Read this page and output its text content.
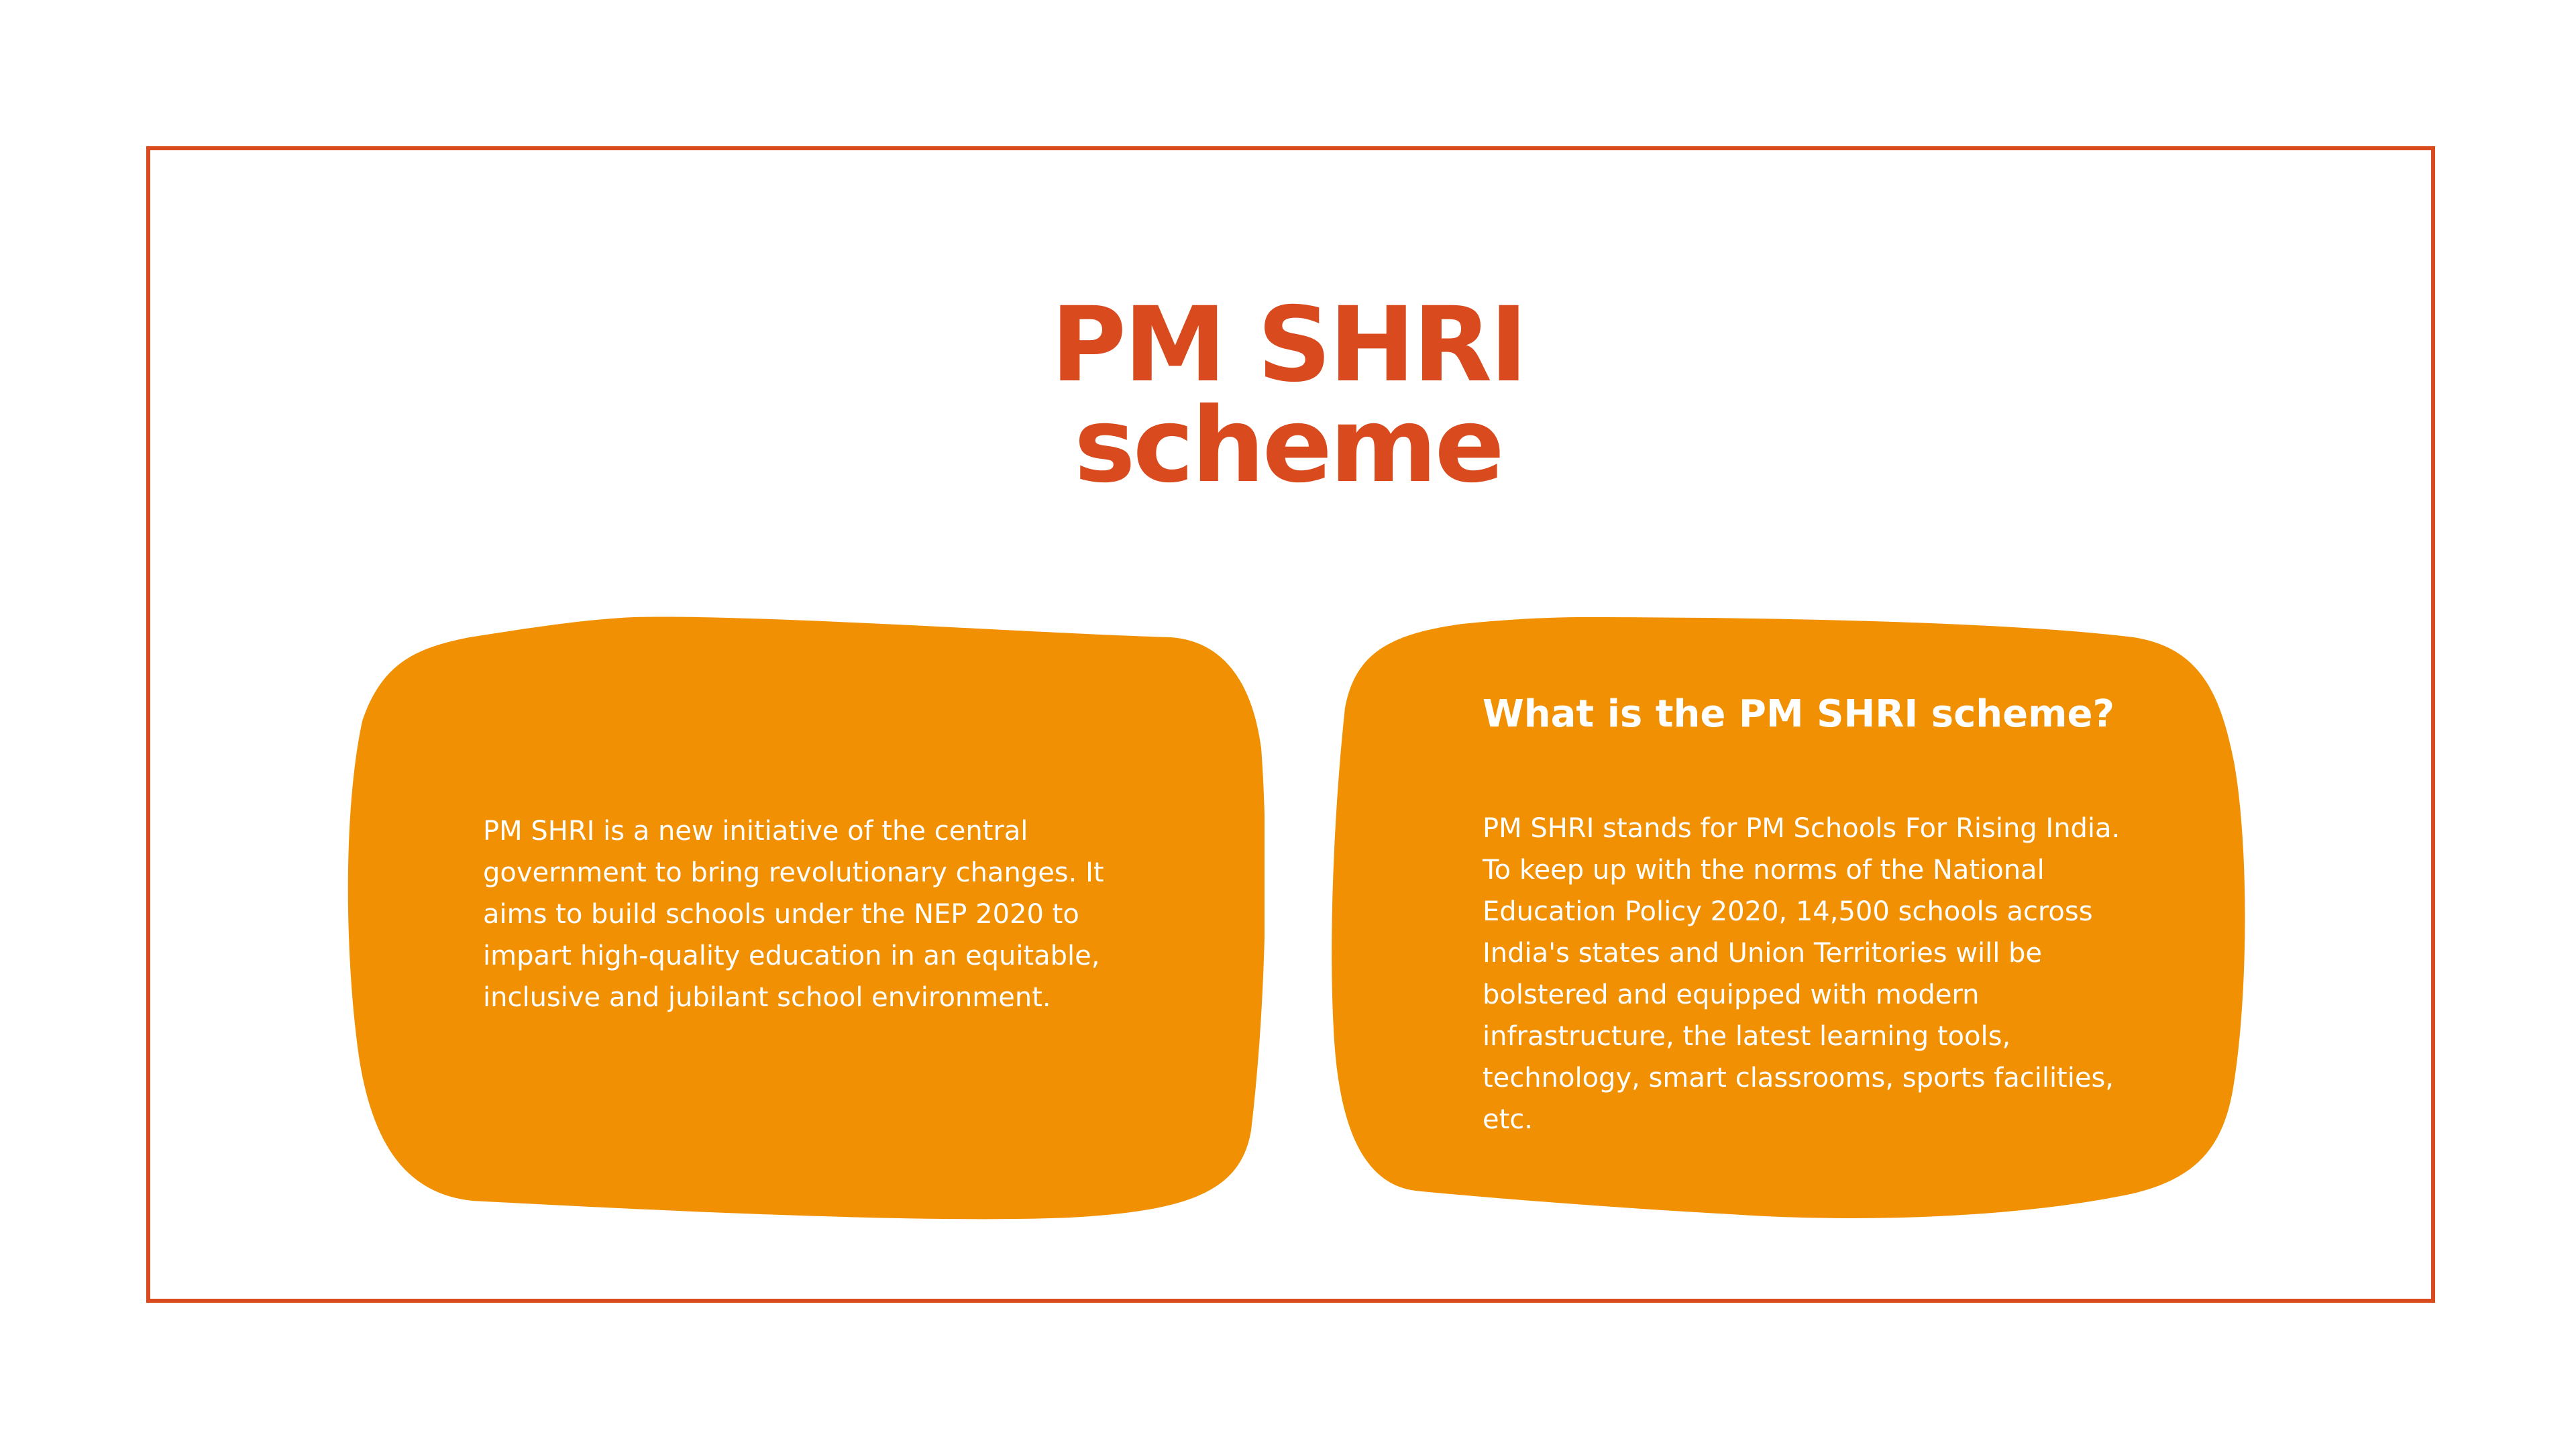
PM SHRI
scheme

PM SHRI is a new initiative of the central government to bring revolutionary changes. It aims to build schools under the NEP 2020 to impart high-quality education in an equitable, inclusive and jubilant school environment.

What is the PM SHRI scheme?

PM SHRI stands for PM Schools For Rising India. To keep up with the norms of the National Education Policy 2020, 14,500 schools across India's states and Union Territories will be bolstered and equipped with modern infrastructure, the latest learning tools, technology, smart classrooms, sports facilities, etc.
